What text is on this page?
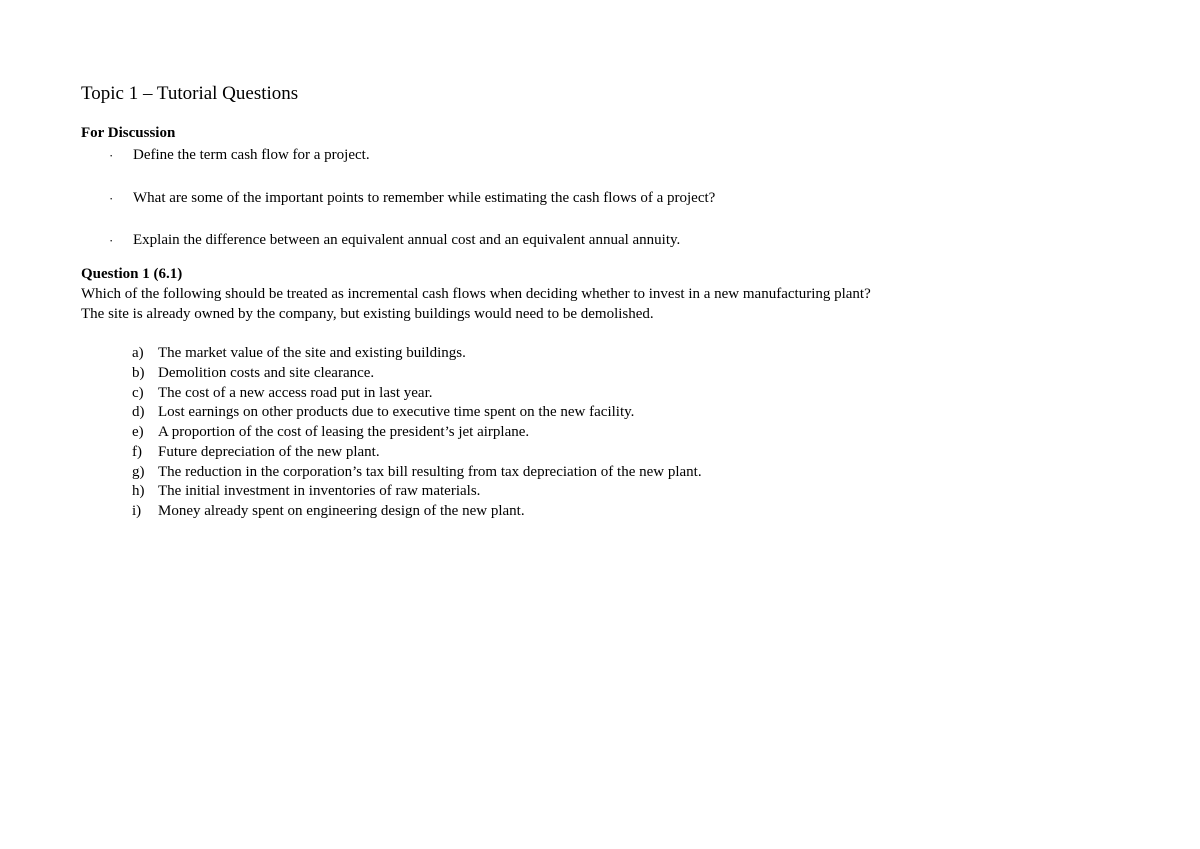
Topic 1 – Tutorial Questions
For Discussion
· Define the term cash flow for a project.
· What are some of the important points to remember while estimating the cash flows of a project?
· Explain the difference between an equivalent annual cost and an equivalent annual annuity.
Question 1 (6.1)
Which of the following should be treated as incremental cash flows when deciding whether to invest in a new manufacturing plant?
The site is already owned by the company, but existing buildings would need to be demolished.
a) The market value of the site and existing buildings.
b) Demolition costs and site clearance.
c) The cost of a new access road put in last year.
d) Lost earnings on other products due to executive time spent on the new facility.
e) A proportion of the cost of leasing the president’s jet airplane.
f) Future depreciation of the new plant.
g) The reduction in the corporation’s tax bill resulting from tax depreciation of the new plant.
h) The initial investment in inventories of raw materials.
i) Money already spent on engineering design of the new plant.
